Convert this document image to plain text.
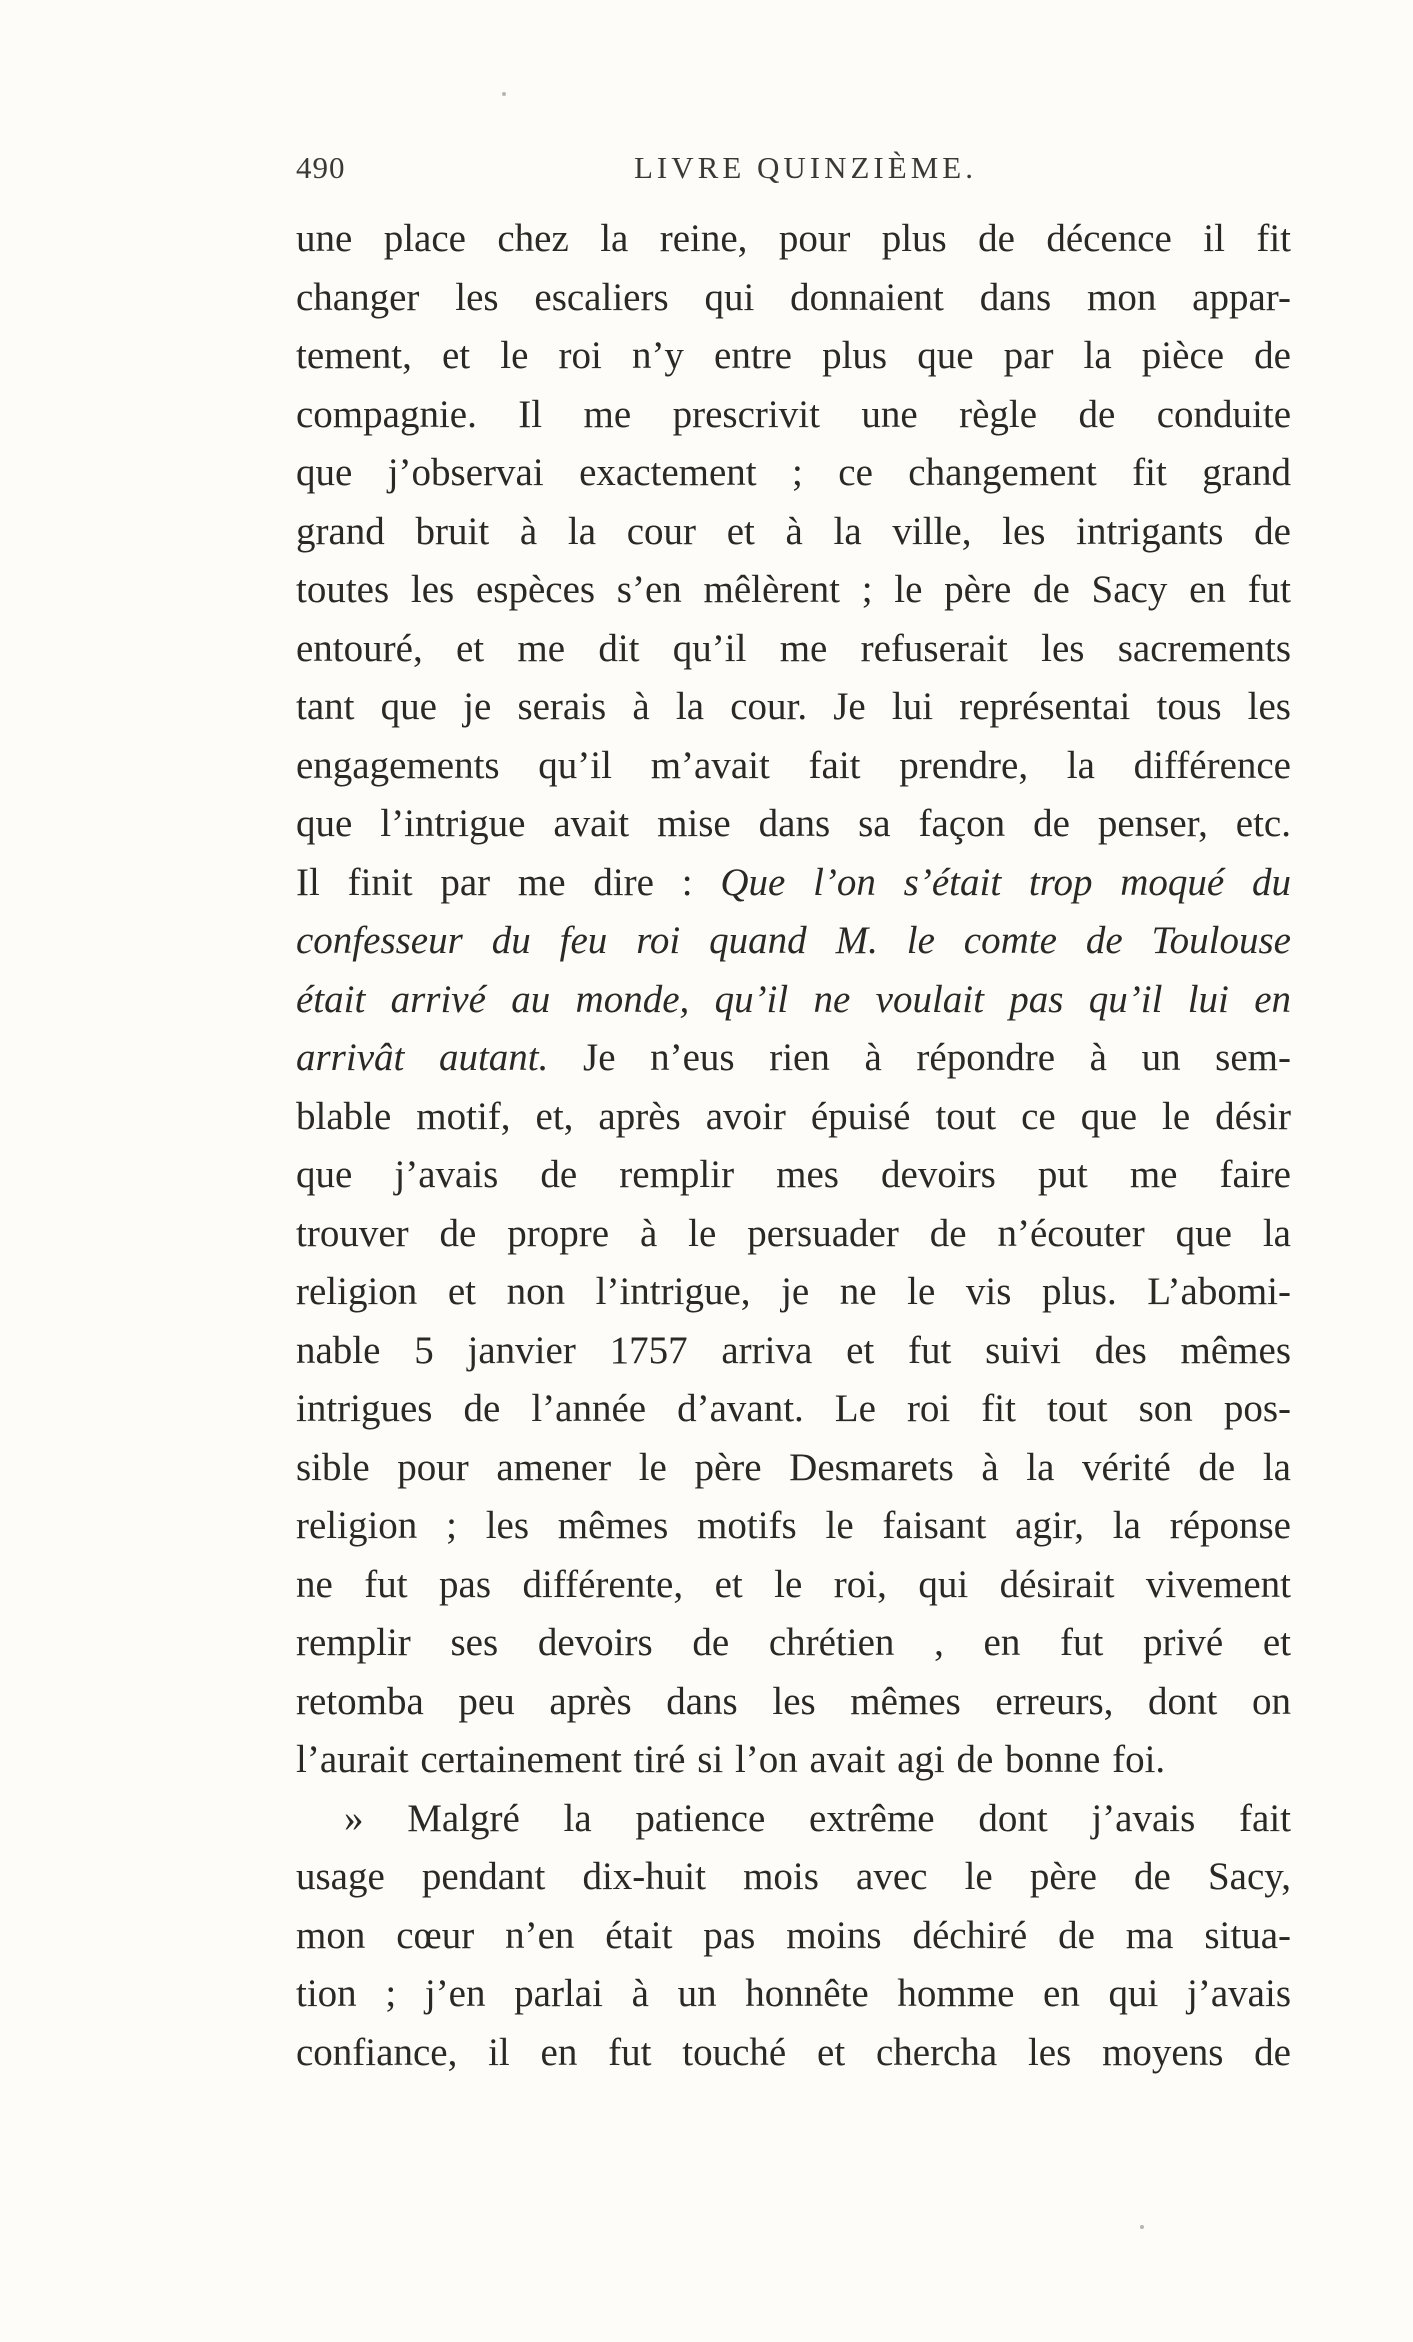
490	LIVRE QUINZIÈME.
une place chez la reine, pour plus de décence il fit
changer les escaliers qui donnaient dans mon appar-
tement, et le roi n’y entre plus que par la pièce de
compagnie. Il me prescrivit une règle de conduite
que j’observai exactement ; ce changement fit grand
grand bruit à la cour et à la ville, les intrigants de
toutes les espèces s’en mêlèrent ; le père de Sacy en fut
entouré, et me dit qu’il me refuserait les sacrements
tant que je serais à la cour. Je lui représentai tous les
engagements qu’il m’avait fait prendre, la différence
que l’intrigue avait mise dans sa façon de penser, etc.
Il finit par me dire : Que l’on s’était trop moqué du
confesseur du feu roi quand M. le comte de Toulouse
était arrivé au monde, qu’il ne voulait pas qu’il lui en
arrivât autant. Je n’eus rien à répondre à un sem-
blable motif, et, après avoir épuisé tout ce que le désir
que j’avais de remplir mes devoirs put me faire
trouver de propre à le persuader de n’écouter que la
religion et non l’intrigue, je ne le vis plus. L’abomi-
nable 5 janvier 1757 arriva et fut suivi des mêmes
intrigues de l’année d’avant. Le roi fit tout son pos-
sible pour amener le père Desmarets à la vérité de la
religion ; les mêmes motifs le faisant agir, la réponse
ne fut pas différente, et le roi, qui désirait vivement
remplir ses devoirs de chrétien , en fut privé et
retomba peu après dans les mêmes erreurs, dont on
l’aurait certainement tiré si l’on avait agi de bonne foi.
» Malgré la patience extrême dont j’avais fait
usage pendant dix-huit mois avec le père de Sacy,
mon cœur n’en était pas moins déchiré de ma situa-
tion ; j’en parlai à un honnête homme en qui j’avais
confiance, il en fut touché et chercha les moyens de
